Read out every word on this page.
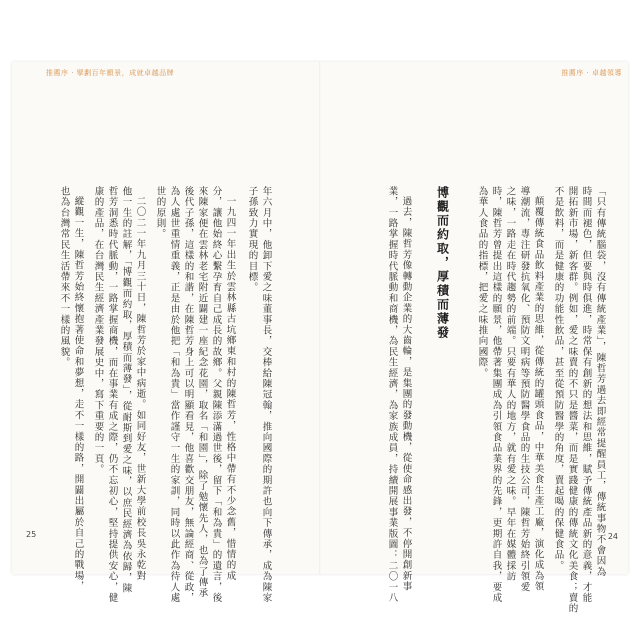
推薦序 · 擘劃百年願景，成就卓越品牌	推薦序 · 卓越領導
「只有傳統腦袋，沒有傳統產業」，陳哲芳過去即經常提醒員工，傳統事物不會因為
時間而褪色，但要與時俱進，時常保有創新的想法和思維，賦予傳統產品新的意義，才能
開拓新市場，新客群。例如，愛之味賣的不只是醬菜，而是實踐健康的傳統文化美食；賣的
不是飲料，而是健康的功能性飲品，甚至從預防醫學的角度，賣起喝的保健食品。
顛覆傳統食品飲料產業的思維，從傳統的罐頭食品，中華美食生產工廠，演化成為領
導潮流，專注研發抗氧化、預防文明病等預防醫學食品的生技公司，陳哲芳始終引領愛
之味，一路走在時代趨勢的前端。只要有華人的地方，就有愛之味。早年在媒體採訪
時，陳哲芳曾提出這樣的願景，他帶著集團成為引領食品業界的先鋒，更期許自我，要成
為華人食品的指標，把愛之味推向國際。
博觀而約取，厚積而薄發
過去，陳哲芳像轉動企業的大齒輪，是集團的發動機，從使命感出發，不停開創新事
業，一路掌握時代脈動和商機，為民生經濟，為家族成員，持續開展事業版圖：二〇一八	24
年六月中，他卸下愛之味董事長，交棒給陳冠翰，推向國際的期許也向下傳承，成為陳家
子孫致力實現的目標。
一九四一年出生於雲林縣古坑鄉東和村的陳哲芳，性格中帶有不少念舊，惜情的成
分，讓他始終心繫孕育自己成長的故鄉。父親陳添滿過世後，留下「和為貴」的遺言，後
來陳家便在雲林老宅附近闢建一座紀念花園，取名「和園」，除了勉懷先人，也為了傳承
後代子孫，這樣的和諧，在陳哲芳身上可以明顯看見，他喜歡交朋友，無論經商、從政，
為人處世重情重義，正是由於他把「和為貴」當作謹守一生的家訓，同時以此作為待人處
世的原則。
二〇二一年九月三十日，陳哲芳於家中病逝。如同好友，世新大學前校長吳永乾對
他一生的註解，「博觀而約取，厚積而薄發」，從耐斯到愛之味，以庶民經濟為依歸，陳
哲芳洞悉時代脈動，一路掌握商機，而在事業有成之際，仍不忘初心，堅持提供安心，健
康的產品，在台灣民生經濟產業發展史中，寫下重要的一頁。
縱觀一生，陳哲芳始終懷抱著使命和夢想，走不一樣的路，開闢出屬於自己的戰場，
也為台灣常民生活帶來不一樣的風貌。
25
